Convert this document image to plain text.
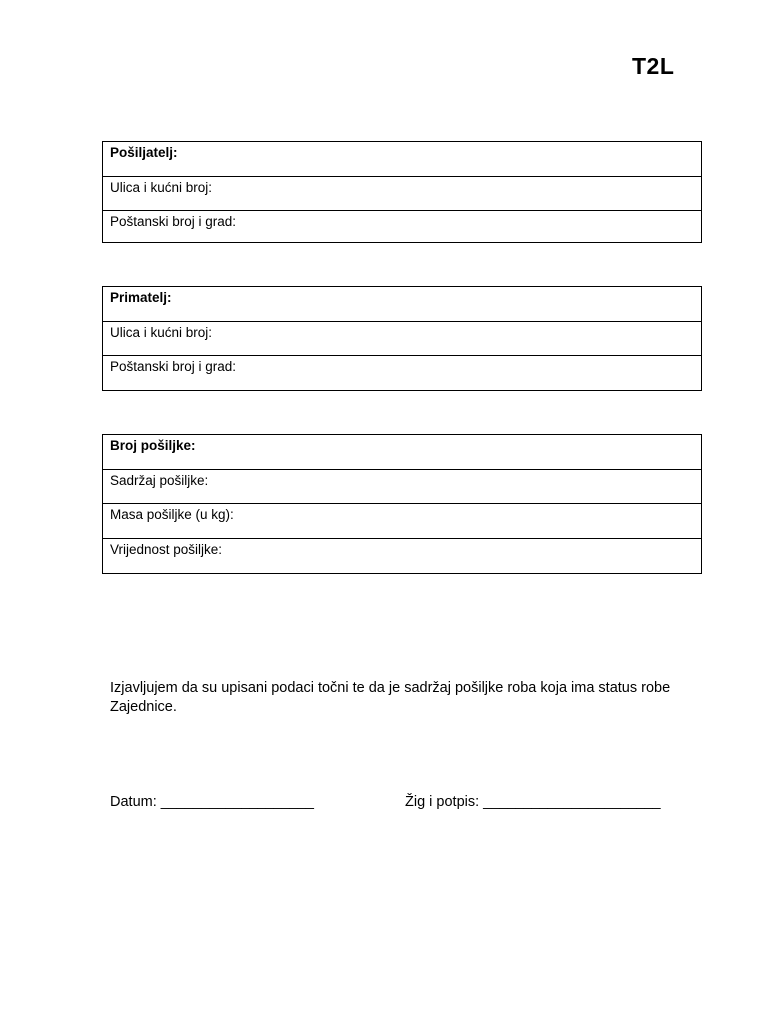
T2L
Pošiljatelj:
Ulica i kućni broj:
Poštanski broj i grad:
Primatelj:
Ulica i kućni broj:
Poštanski broj i grad:
Broj pošiljke:
Sadržaj pošiljke:
Masa pošiljke (u kg):
Vrijednost pošiljke:
Izjavljujem da su upisani podaci točni te da je sadržaj pošiljke roba koja ima status robe Zajednice.
Datum: ___________________	Žig i potpis: ______________________
